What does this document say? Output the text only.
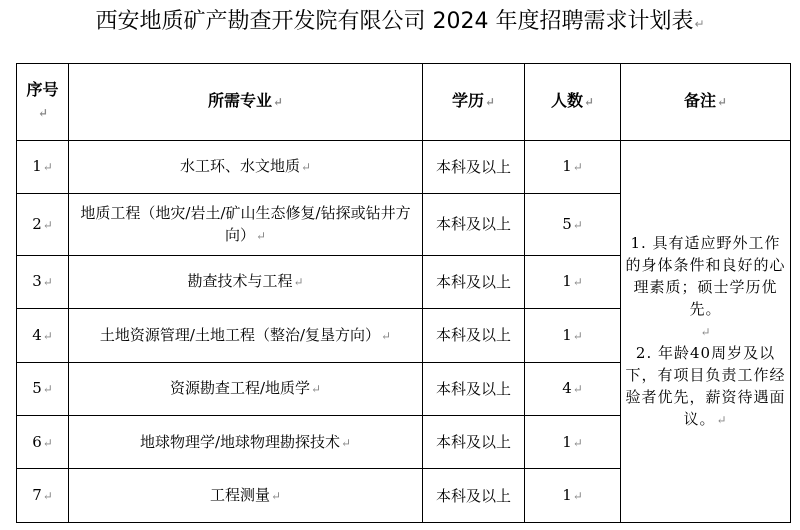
西安地质矿产勘查开发院有限公司 2024 年度招聘需求计划表↵
序号↵	所需专业↵	学历↵	人数↵	备注↵
1↵	水工环、水文地质↵	本科及以上	1↵	1. 具有适应野外工作的身体条件和良好的心理素质；硕士学历优先。
↵
2. 年龄40周岁及以下，有项目负责工作经验者优先，薪资待遇面议。↵

2↵	地质工程（地灾/岩土/矿山生态修复/钻探或钻井方向）↵	本科及以上	5↵	
3↵	勘查技术与工程↵	本科及以上	1↵	
4↵	土地资源管理/土地工程（整治/复垦方向）↵	本科及以上	1↵	
5↵	资源勘查工程/地质学↵	本科及以上	4↵	
6↵	地球物理学/地球物理勘探技术↵	本科及以上	1↵	
7↵	工程测量↵	本科及以上	1↵	
